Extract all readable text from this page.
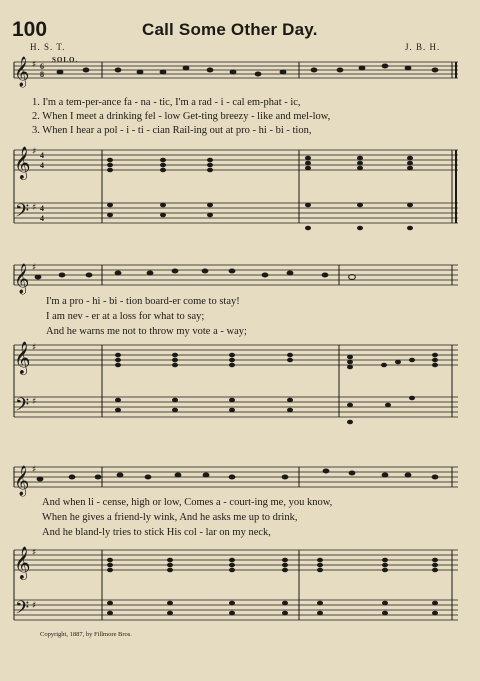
100	Call Some Other Day.
H. S. T.	J. B. H.
SOLO.
𝄞
𝄞
𝄢
𝄞
𝄞
𝄢
𝄞
𝄞
𝄢
♯
♯
♯
♯
♯
♯
♯
♯
♯
6
8
4
4
4
4
1. I'm a tem-per-ance fa - na - tic, I'm a rad - i - cal em-phat - ic,
2. When I meet a drinking fel - low Get-ting breezy - like and mel-low,
3. When I hear a pol - i - ti - cian Rail-ing out at pro - hi - bi - tion,
I'm a pro - hi - bi - tion board-er come to stay!
I am nev - er at a loss for what to say;
And he warns me not to throw my vote a - way;
And when li - cense, high or low, Comes a - court-ing me, you know,
When he gives a friend-ly wink, And he asks me up to drink,
And he bland-ly tries to stick His col - lar on my neck,
Copyright, 1887, by Fillmore Bros.
